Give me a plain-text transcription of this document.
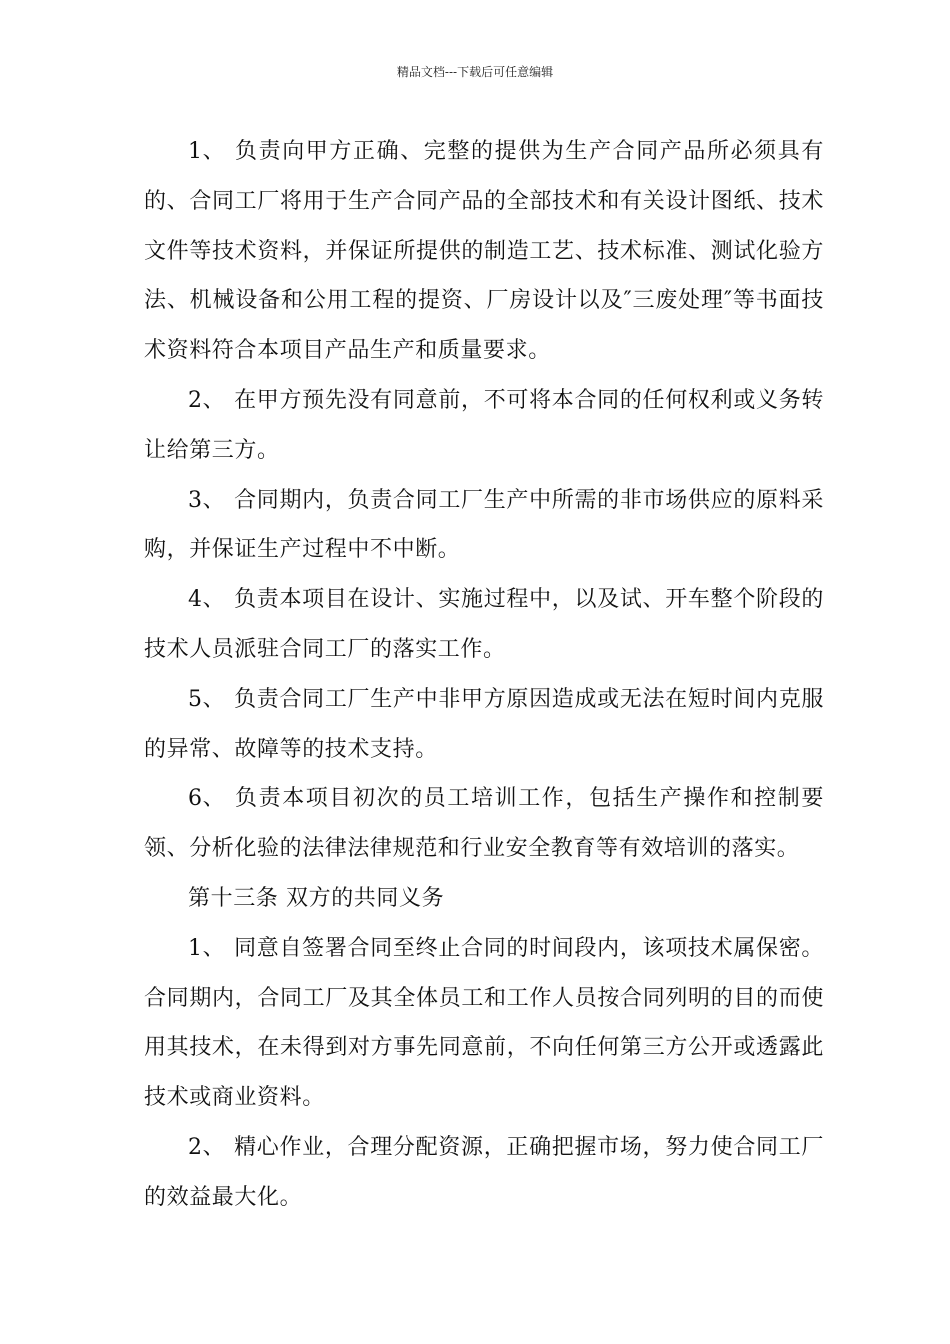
精品文档---下载后可任意编辑

1、 负责向甲方正确、完整的提供为生产合同产品所必须具有的、合同工厂将用于生产合同产品的全部技术和有关设计图纸、技术文件等技术资料，并保证所提供的制造工艺、技术标准、测试化验方法、机械设备和公用工程的提资、厂房设计以及″三废处理″等书面技术资料符合本项目产品生产和质量要求。

2、 在甲方预先没有同意前，不可将本合同的任何权利或义务转让给第三方。

3、 合同期内，负责合同工厂生产中所需的非市场供应的原料采购，并保证生产过程中不中断。

4、 负责本项目在设计、实施过程中，以及试、开车整个阶段的技术人员派驻合同工厂的落实工作。

5、 负责合同工厂生产中非甲方原因造成或无法在短时间内克服的异常、故障等的技术支持。

6、 负责本项目初次的员工培训工作，包括生产操作和控制要领、分析化验的法律法律规范和行业安全教育等有效培训的落实。

第十三条 双方的共同义务

1、 同意自签署合同至终止合同的时间段内，该项技术属保密。合同期内，合同工厂及其全体员工和工作人员按合同列明的目的而使用其技术，在未得到对方事先同意前，不向任何第三方公开或透露此技术或商业资料。

2、 精心作业，合理分配资源，正确把握市场，努力使合同工厂的效益最大化。
